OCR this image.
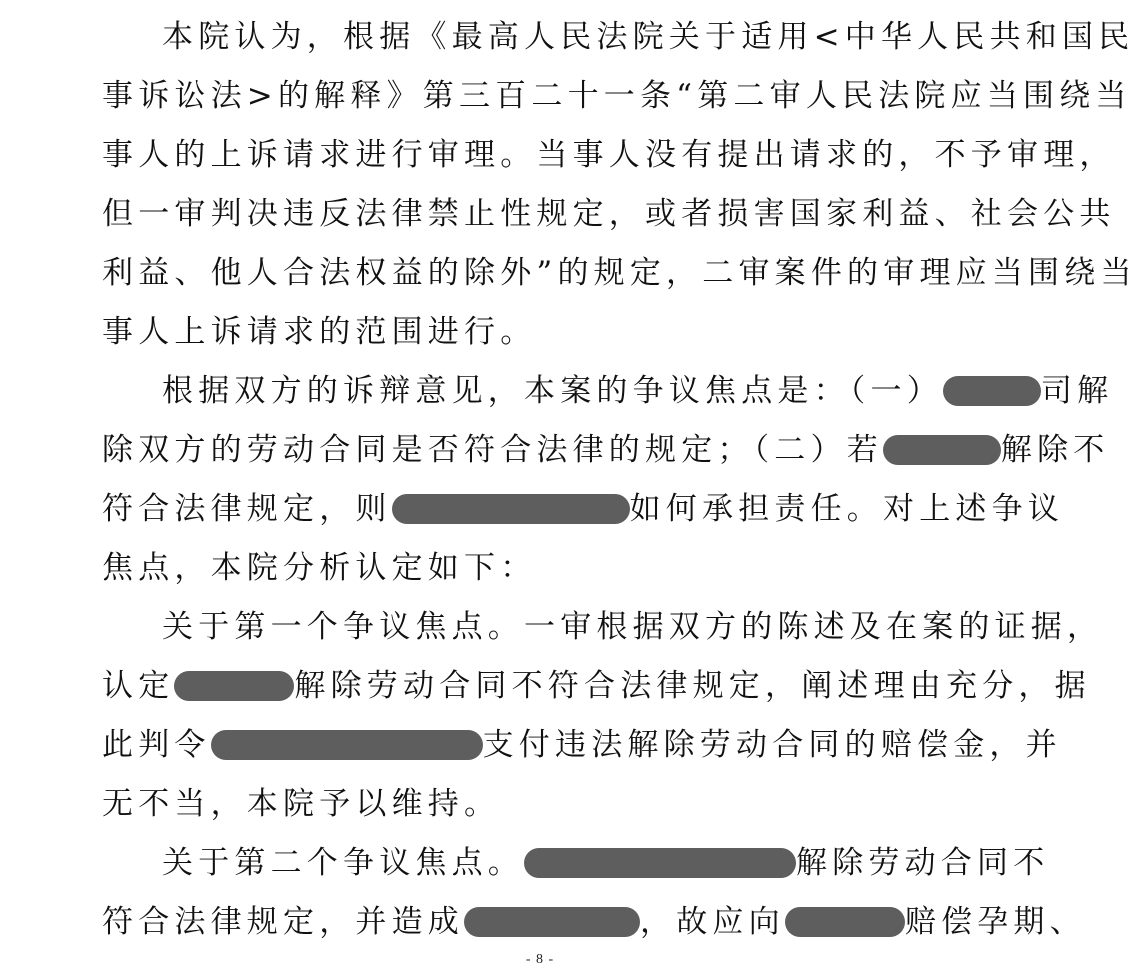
本院认为，根据《最高人民法院关于适用<中华人民共和国民
事诉讼法>的解释》第三百二十一条“第二审人民法院应当围绕当
事人的上诉请求进行审理。当事人没有提出请求的，不予审理，
但一审判决违反法律禁止性规定，或者损害国家利益、社会公共
利益、他人合法权益的除外”的规定，二审案件的审理应当围绕当
事人上诉请求的范围进行。
根据双方的诉辩意见，本案的争议焦点是：（一）	司解
除双方的劳动合同是否符合法律的规定；（二）若	解除不
符合法律规定，则	如何承担责任。对上述争议
焦点，本院分析认定如下：
关于第一个争议焦点。一审根据双方的陈述及在案的证据，
认定	解除劳动合同不符合法律规定，阐述理由充分，据
此判令	支付违法解除劳动合同的赔偿金，并
无不当，本院予以维持。
关于第二个争议焦点。	解除劳动合同不
符合法律规定，并造成	，故应向	赔偿孕期、
- 8 -
